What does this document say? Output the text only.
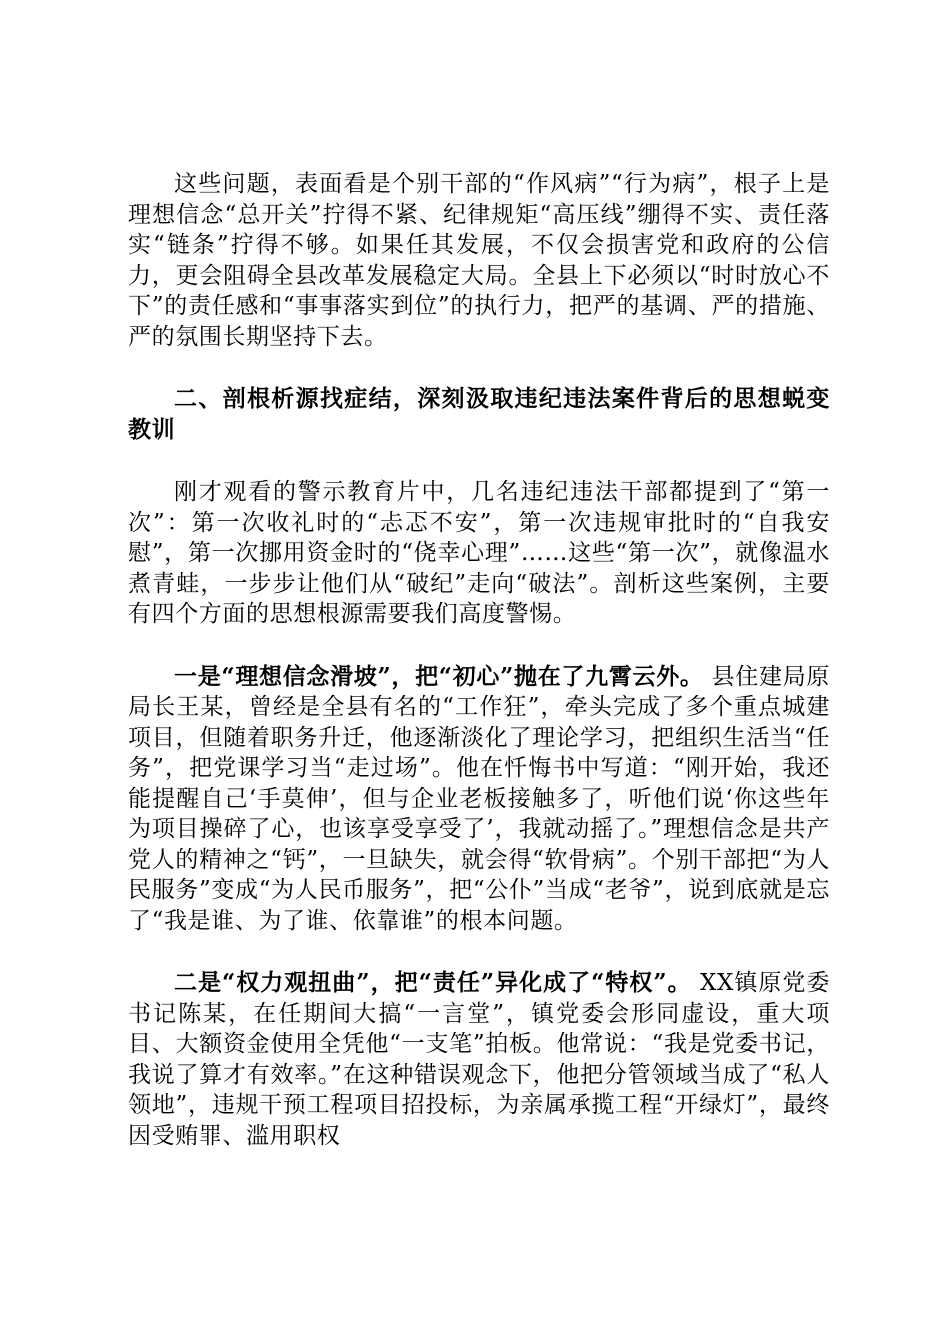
这些问题，表面看是个别干部的“作风病”“行为病”，根子上是理想信念“总开关”拧得不紧、纪律规矩“高压线”绷得不实、责任落实“链条”拧得不够。如果任其发展，不仅会损害党和政府的公信力，更会阻碍全县改革发展稳定大局。全县上下必须以“时时放心不下”的责任感和“事事落实到位”的执行力，把严的基调、严的措施、严的氛围长期坚持下去。

二、剖根析源找症结，深刻汲取违纪违法案件背后的思想蜕变教训

刚才观看的警示教育片中，几名违纪违法干部都提到了“第一次”：第一次收礼时的“忐忑不安”，第一次违规审批时的“自我安慰”，第一次挪用资金时的“侥幸心理”……这些“第一次”，就像温水煮青蛙，一步步让他们从“破纪”走向“破法”。剖析这些案例，主要有四个方面的思想根源需要我们高度警惕。

一是“理想信念滑坡”，把“初心”抛在了九霄云外。 县住建局原局长王某，曾经是全县有名的“工作狂”，牵头完成了多个重点城建项目，但随着职务升迁，他逐渐淡化了理论学习，把组织生活当“任务”，把党课学习当“走过场”。他在忏悔书中写道：“刚开始，我还能提醒自己‘手莫伸’，但与企业老板接触多了，听他们说‘你这些年为项目操碎了心，也该享受享受了’，我就动摇了。”理想信念是共产党人的精神之“钙”，一旦缺失，就会得“软骨病”。个别干部把“为人民服务”变成“为人民币服务”，把“公仆”当成“老爷”，说到底就是忘了“我是谁、为了谁、依靠谁”的根本问题。

二是“权力观扭曲”，把“责任”异化成了“特权”。 XX镇原党委书记陈某，在任期间大搞“一言堂”，镇党委会形同虚设，重大项目、大额资金使用全凭他“一支笔”拍板。他常说：“我是党委书记，我说了算才有效率。”在这种错误观念下，他把分管领域当成了“私人领地”，违规干预工程项目招投标，为亲属承揽工程“开绿灯”，最终因受贿罪、滥用职权
